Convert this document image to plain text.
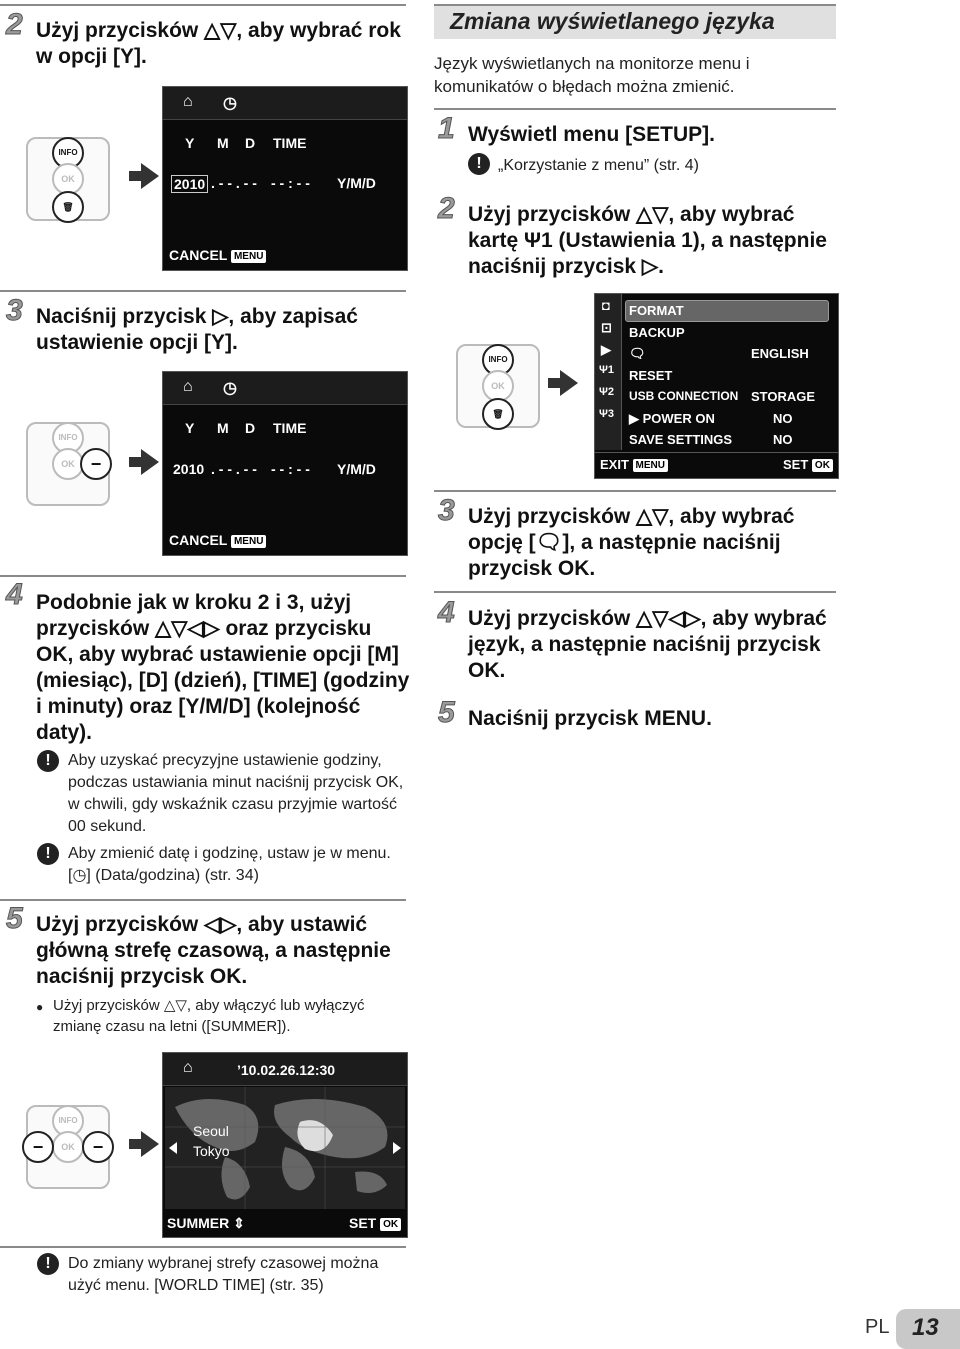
2 Użyj przycisków △▽, aby wybrać rok w opcji [Y].
INFO
OK
🗑
⌂ ◷
Y M D TIME
2010 . - - . - - - - : - - Y/M/D
CANCEL MENU
3 Naciśnij przycisk ▷, aby zapisać ustawienie opcji [Y].
INFO
OK −
⌂ ◷
Y M D TIME
2010 . - - . - - - - : - - Y/M/D
CANCEL MENU
4 Podobnie jak w kroku 2 i 3, użyj przycisków △▽◁▷ oraz przycisku OK, aby wybrać ustawienie opcji [M] (miesiąc), [D] (dzień), [TIME] (godziny i minuty) oraz [Y/M/D] (kolejność daty).
!	Aby uzyskać precyzyjne ustawienie godziny, podczas ustawiania minut naciśnij przycisk OK, w chwili, gdy wskaźnik czasu przyjmie wartość 00 sekund.
!	Aby zmienić datę i godzinę, ustaw je w menu. [◷] (Data/godzina) (str. 34)
5 Użyj przycisków ◁▷, aby ustawić główną strefę czasową, a następnie naciśnij przycisk OK.
● Użyj przycisków △▽, aby włączyć lub wyłączyć zmianę czasu na letni ([SUMMER]).
INFO
OK
−	−
⌂	’10.02.26.12:30
Seoul
Tokyo
SUMMER ⇕	SET OK
!	Do zmiany wybranej strefy czasowej można użyć menu. [WORLD TIME] (str. 35)
Zmiana wyświetlanego języka
Język wyświetlanych na monitorze menu i komunikatów o błędach można zmienić.
1 Wyświetl menu [SETUP].
!	„Korzystanie z menu” (str. 4)
2 Użyj przycisków △▽, aby wybrać kartę Ψ1 (Ustawienia 1), a następnie naciśnij przycisk ▷.
INFO
OK
🗑
◘
⊡
▶
Ψ1
Ψ2
Ψ3
FORMAT
BACKUP
🗨	ENGLISH
RESET
USB CONNECTION STORAGE
▶ POWER ON	NO
SAVE SETTINGS	NO
EXIT MENU	SET OK
3 Użyj przycisków △▽, aby wybrać opcję [🗨], a następnie naciśnij przycisk OK.
4 Użyj przycisków △▽◁▷, aby wybrać język, a następnie naciśnij przycisk OK.
5 Naciśnij przycisk MENU.
PL 13
